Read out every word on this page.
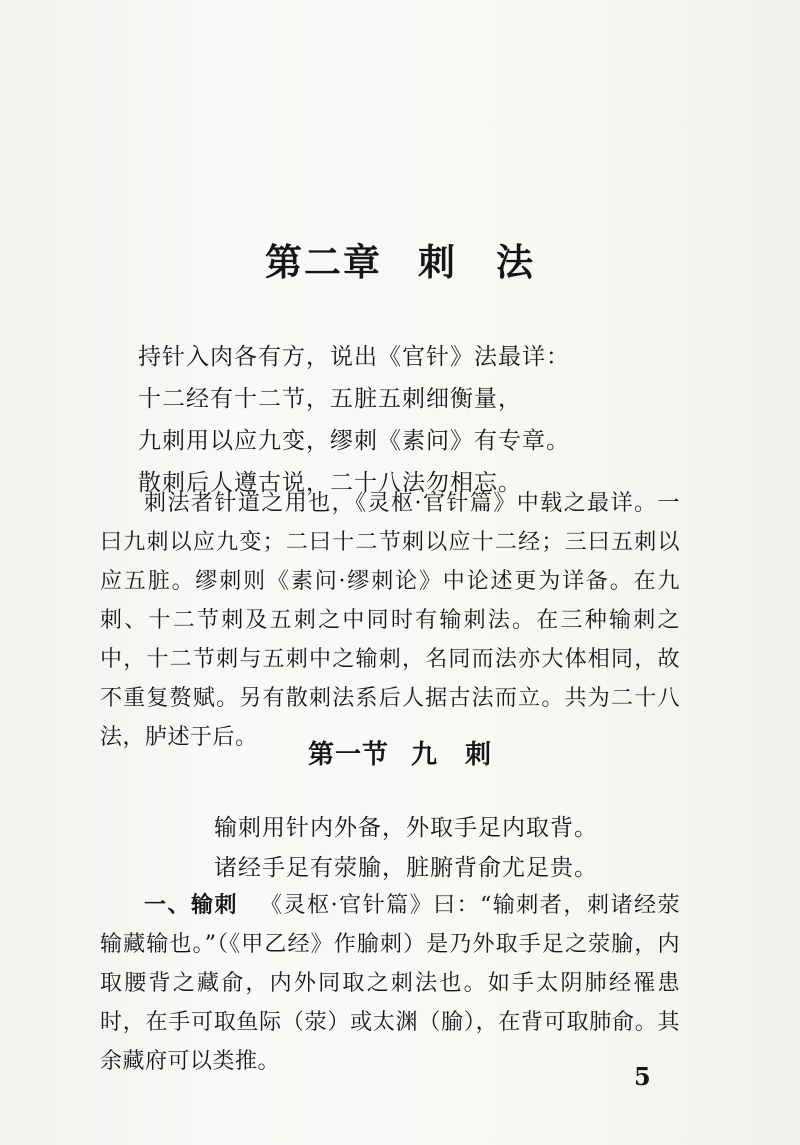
第二章 刺　法
持针入肉各有方，说出《官针》法最详：
十二经有十二节，五脏五刺细衡量，
九刺用以应九变，缪刺《素问》有专章。
散刺后人遵古说，二十八法勿相忘。

刺法者针道之用也，《灵枢·官针篇》中载之最详。一曰九刺以应九变；二曰十二节刺以应十二经；三曰五刺以应五脏。缪刺则《素问·缪刺论》中论述更为详备。在九刺、十二节刺及五刺之中同时有输刺法。在三种输刺之中，十二节刺与五刺中之输刺，名同而法亦大体相同，故不重复赘赋。另有散刺法系后人据古法而立。共为二十八法，胪述于后。

第一节 九　刺
输刺用针内外备，外取手足内取背。
诸经手足有荥腧，脏腑背俞尤足贵。

一、输刺 《灵枢·官针篇》曰：“输刺者，刺诸经荥输藏输也。”（《甲乙经》作腧刺）是乃外取手足之荥腧，内取腰背之藏俞，内外同取之刺法也。如手太阴肺经罹患时，在手可取鱼际（荥）或太渊（腧），在背可取肺俞。其余藏府可以类推。

5
